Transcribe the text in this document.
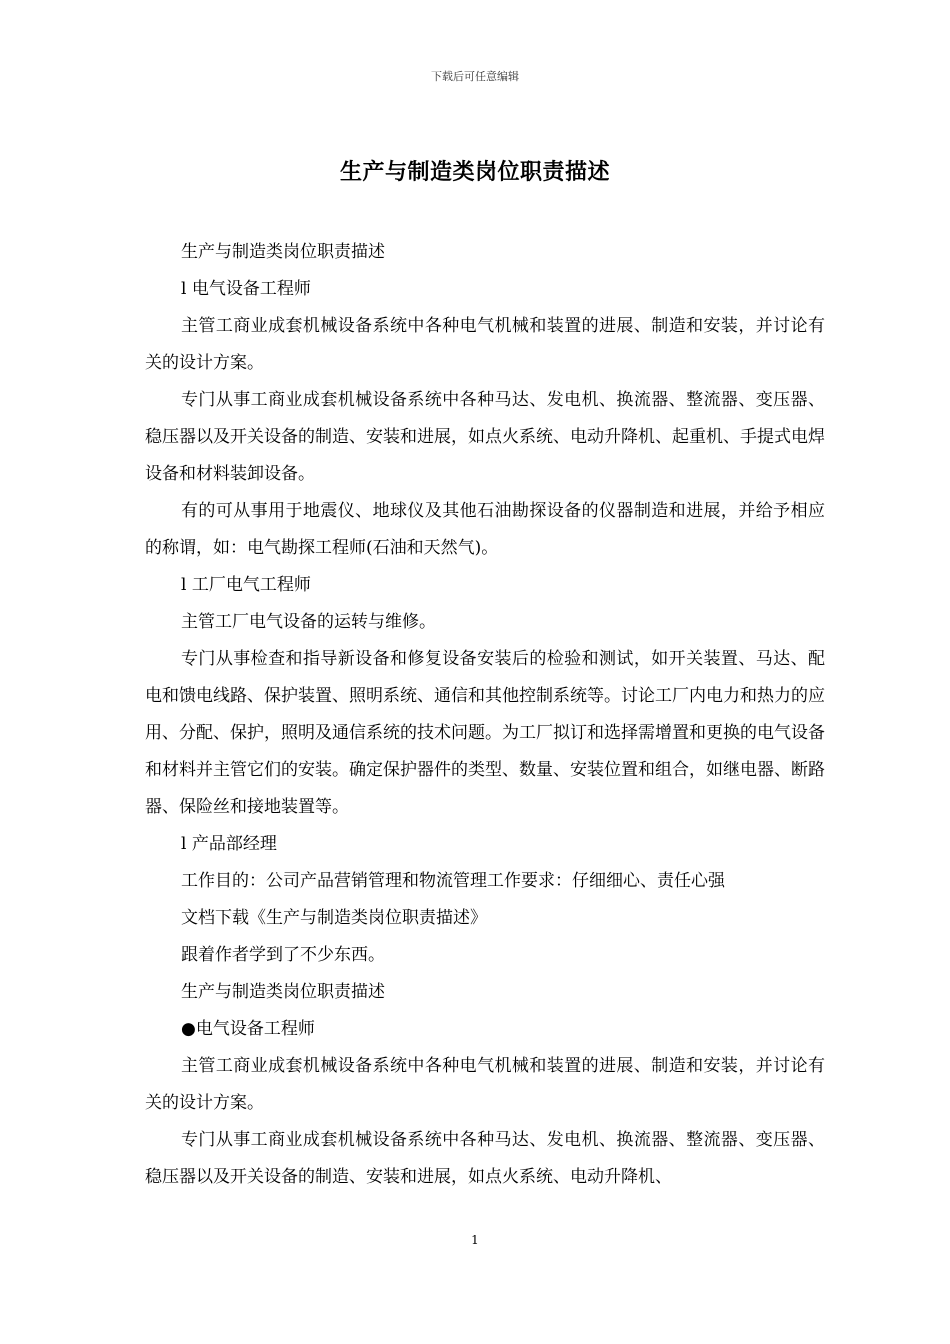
下载后可任意编辑
生产与制造类岗位职责描述

生产与制造类岗位职责描述

l 电气设备工程师

主管工商业成套机械设备系统中各种电气机械和装置的进展、制造和安装，并讨论有关的设计方案。

专门从事工商业成套机械设备系统中各种马达、发电机、换流器、整流器、变压器、稳压器以及开关设备的制造、安装和进展，如点火系统、电动升降机、起重机、手提式电焊设备和材料装卸设备。

有的可从事用于地震仪、地球仪及其他石油勘探设备的仪器制造和进展，并给予相应的称谓，如：电气勘探工程师(石油和天然气)。

l 工厂电气工程师

主管工厂电气设备的运转与维修。

专门从事检查和指导新设备和修复设备安装后的检验和测试，如开关装置、马达、配电和馈电线路、保护装置、照明系统、通信和其他控制系统等。讨论工厂内电力和热力的应用、分配、保护，照明及通信系统的技术问题。为工厂拟订和选择需增置和更换的电气设备和材料并主管它们的安装。确定保护器件的类型、数量、安装位置和组合，如继电器、断路器、保险丝和接地装置等。

l 产品部经理

工作目的：公司产品营销管理和物流管理工作要求：仔细细心、责任心强

文档下载《生产与制造类岗位职责描述》

跟着作者学到了不少东西。

生产与制造类岗位职责描述

●电气设备工程师

主管工商业成套机械设备系统中各种电气机械和装置的进展、制造和安装，并讨论有关的设计方案。

专门从事工商业成套机械设备系统中各种马达、发电机、换流器、整流器、变压器、稳压器以及开关设备的制造、安装和进展，如点火系统、电动升降机、

1
